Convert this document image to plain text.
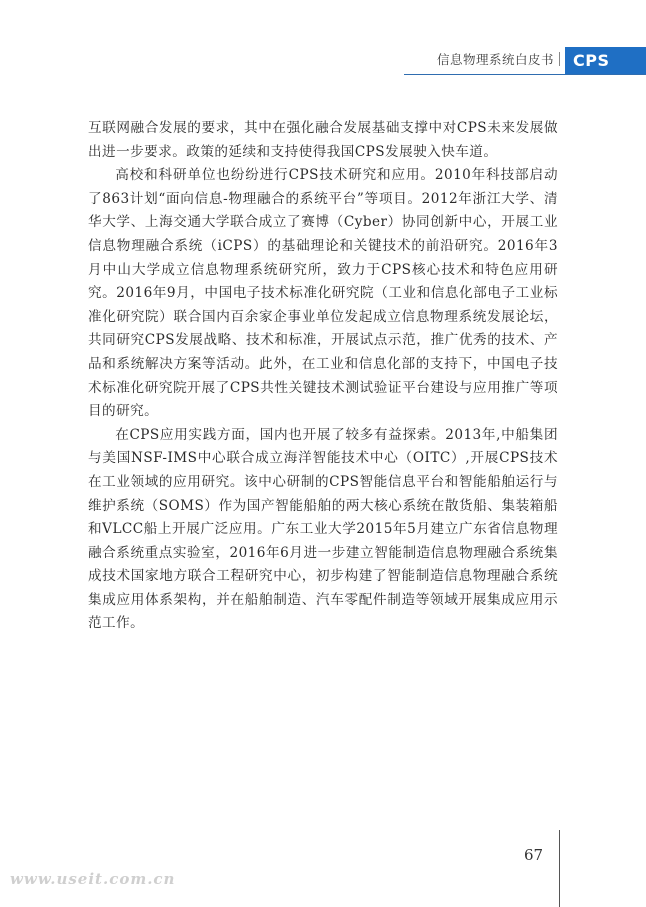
信息物理系统白皮书	CPS

互联网融合发展的要求，其中在强化融合发展基础支撑中对CPS未来发展做出进一步要求。政策的延续和支持使得我国CPS发展驶入快车道。

高校和科研单位也纷纷进行CPS技术研究和应用。2010年科技部启动了863计划“面向信息-物理融合的系统平台”等项目。2012年浙江大学、清华大学、上海交通大学联合成立了赛博（Cyber）协同创新中心，开展工业信息物理融合系统（iCPS）的基础理论和关键技术的前沿研究。2016年3月中山大学成立信息物理系统研究所，致力于CPS核心技术和特色应用研究。2016年9月，中国电子技术标准化研究院（工业和信息化部电子工业标准化研究院）联合国内百余家企事业单位发起成立信息物理系统发展论坛，共同研究CPS发展战略、技术和标准，开展试点示范，推广优秀的技术、产品和系统解决方案等活动。此外，在工业和信息化部的支持下，中国电子技术标准化研究院开展了CPS共性关键技术测试验证平台建设与应用推广等项目的研究。

在CPS应用实践方面，国内也开展了较多有益探索。2013年,中船集团与美国NSF-IMS中心联合成立海洋智能技术中心（OITC）,开展CPS技术在工业领域的应用研究。该中心研制的CPS智能信息平台和智能船舶运行与维护系统（SOMS）作为国产智能船舶的两大核心系统在散货船、集装箱船和VLCC船上开展广泛应用。广东工业大学2015年5月建立广东省信息物理融合系统重点实验室，2016年6月进一步建立智能制造信息物理融合系统集成技术国家地方联合工程研究中心，初步构建了智能制造信息物理融合系统集成应用体系架构，并在船舶制造、汽车零配件制造等领域开展集成应用示范工作。

67
www.useit.com.cn
